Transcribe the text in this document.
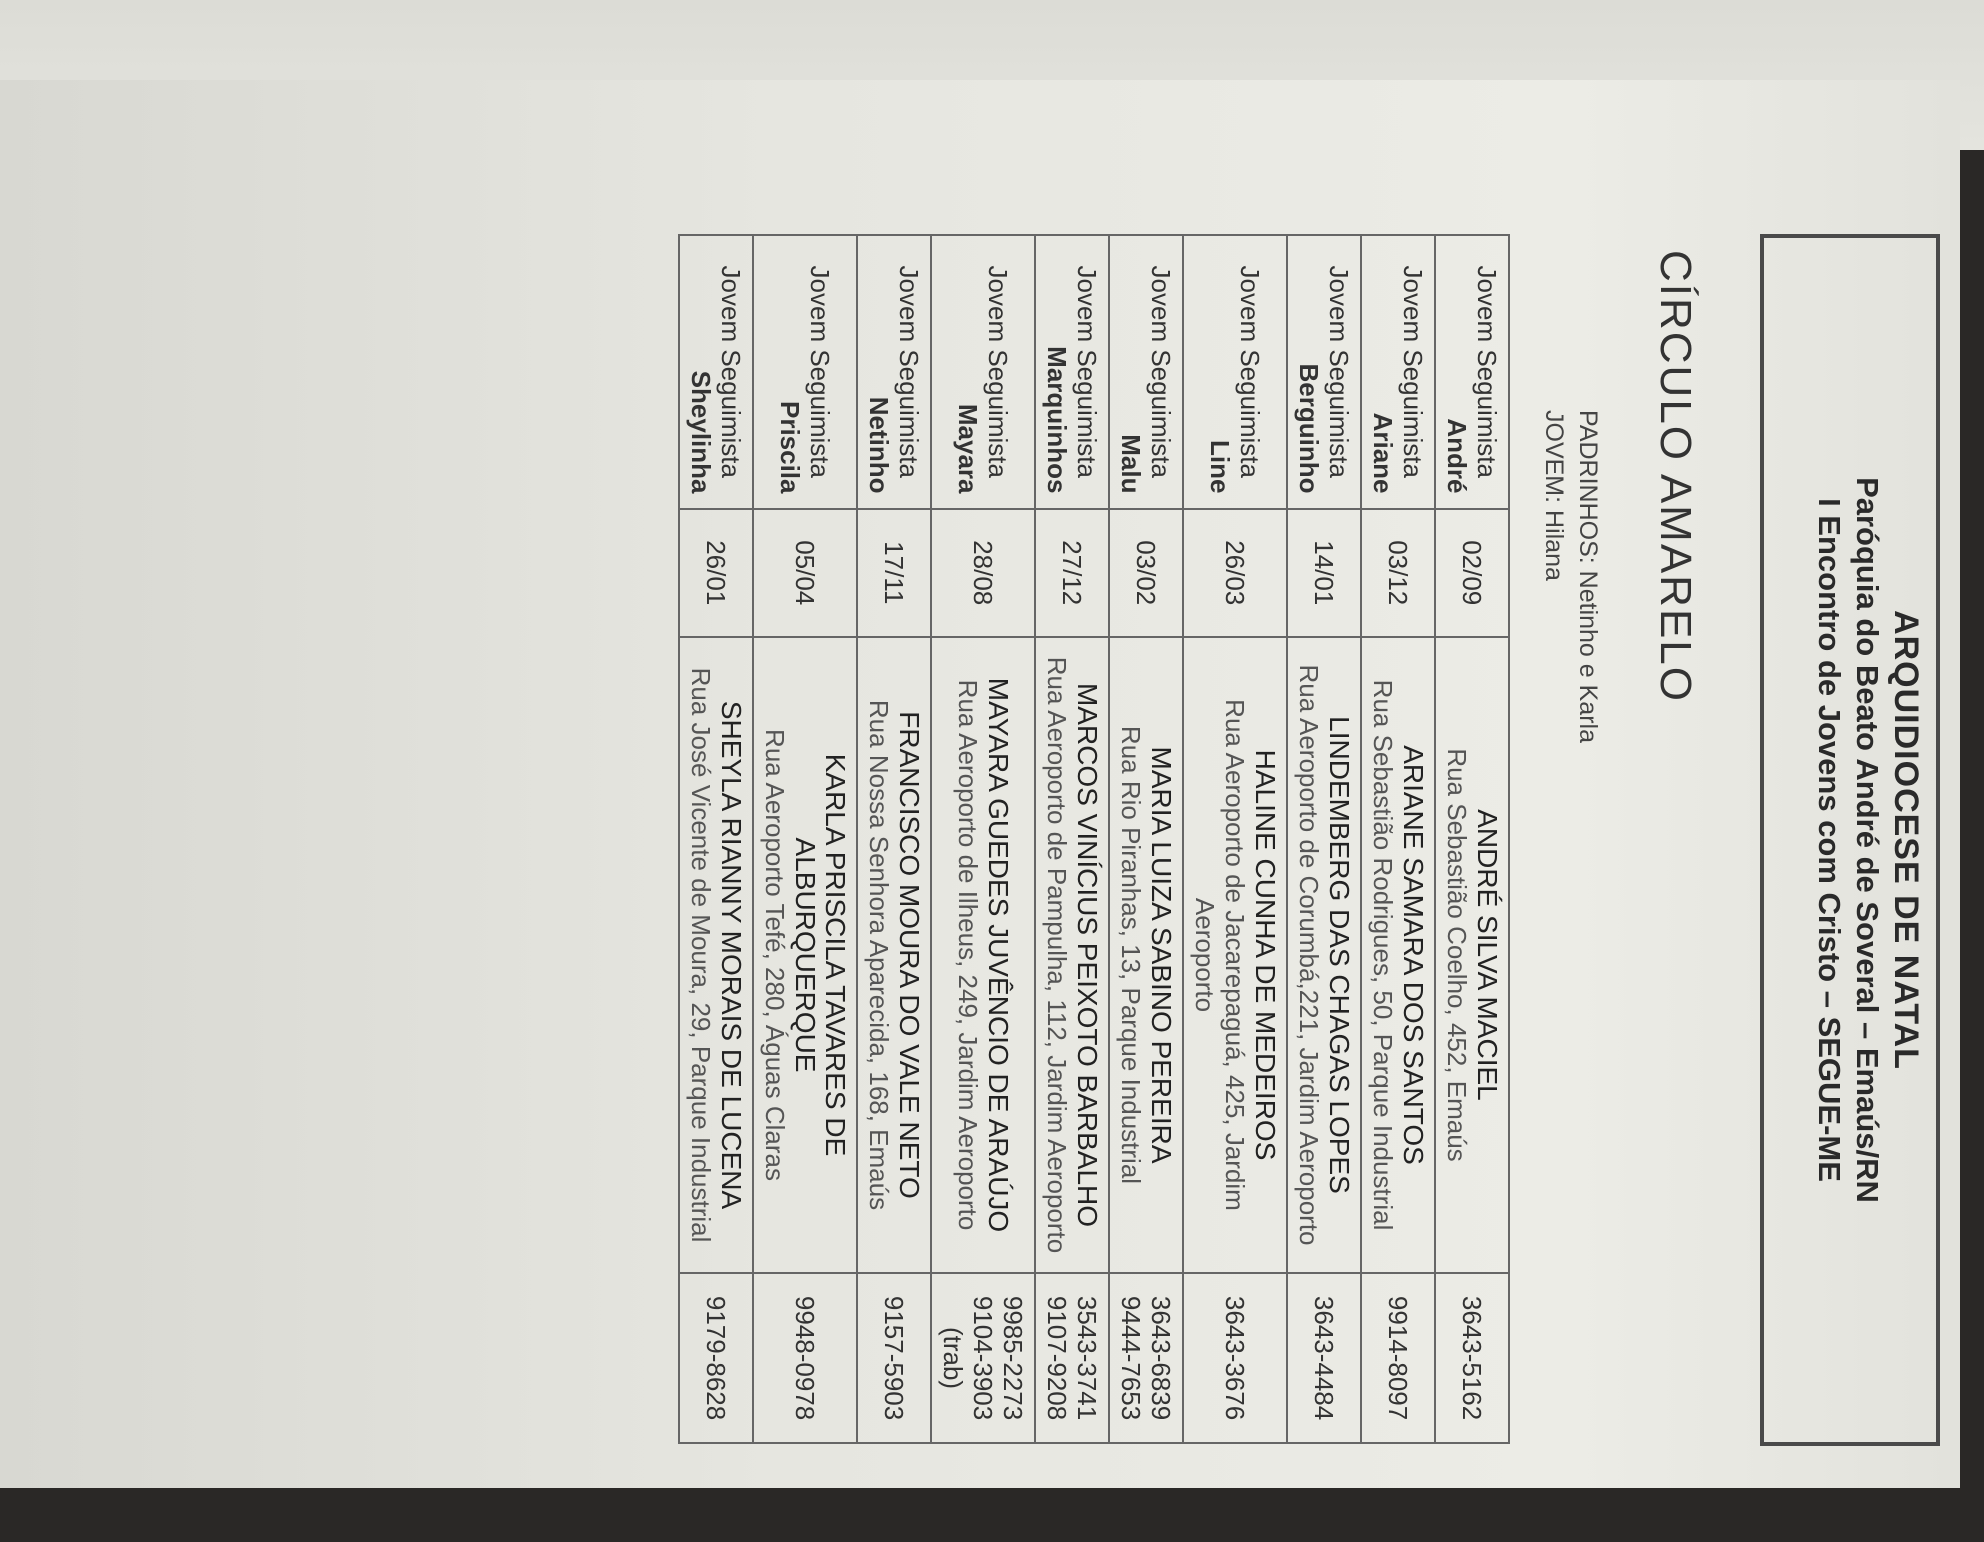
ARQUIDIOCESE DE NATAL
Paróquia do Beato André de Soveral – Emaús/RN
I Encontro de Jovens com Cristo – SEGUE-ME
CÍRCULO AMARELO
PADRINHOS: Netinho e Karla
JOVEM: Hilana
Jovem Seguimista
André	02/09	ANDRÉ SILVA MACIEL
Rua Sebastião Coelho, 452, Emaús	3643-5162

Jovem Seguimista
Ariane	03/12	ARIANE SAMARA DOS SANTOS
Rua Sebastião Rodrigues, 50, Parque Industrial	9914-8097

Jovem Seguimista
Berguinho	14/01	LINDEMBERG DAS CHAGAS LOPES
Rua Aeroporto de Corumbá,221, Jardim Aeroporto	3643-4484

Jovem Seguimista
Line	26/03	HALINE CUNHA DE MEDEIROS
Rua Aeroporto de Jacarepaguá, 425, Jardim Aeroporto	3643-3676

Jovem Seguimista
Malu	03/02	MARIA LUIZA SABINO PEREIRA
Rua Rio Piranhas, 13, Parque Industrial	3643-6839
9444-7653

Jovem Seguimista
Marquinhos	27/12	MARCOS VINÍCIUS PEIXOTO BARBALHO
Rua Aeroporto de Pampulha, 112, Jardim Aeroporto	3543-3741
9107-9208

Jovem Seguimista
Mayara	28/08	MAYARA GUEDES JUVÊNCIO DE ARAÚJO
Rua Aeroporto de Ilheus, 249, Jardim Aeroporto	9985-2273
9104-3903
(trab)

Jovem Seguimista
Netinho	17/11	FRANCISCO MOURA DO VALE NETO
Rua Nossa Senhora Aparecida, 168, Emaús	9157-5903

Jovem Seguimista
Priscila	05/04	KARLA PRISCILA TAVARES DE ALBURQUERQUE
Rua Aeroporto Tefé, 280, Águas Claras	9948-0978

Jovem Seguimista
Sheylinha	26/01	SHEYLA RIANNY MORAIS DE LUCENA
Rua José Vicente de Moura, 29, Parque Industrial	9179-8628
